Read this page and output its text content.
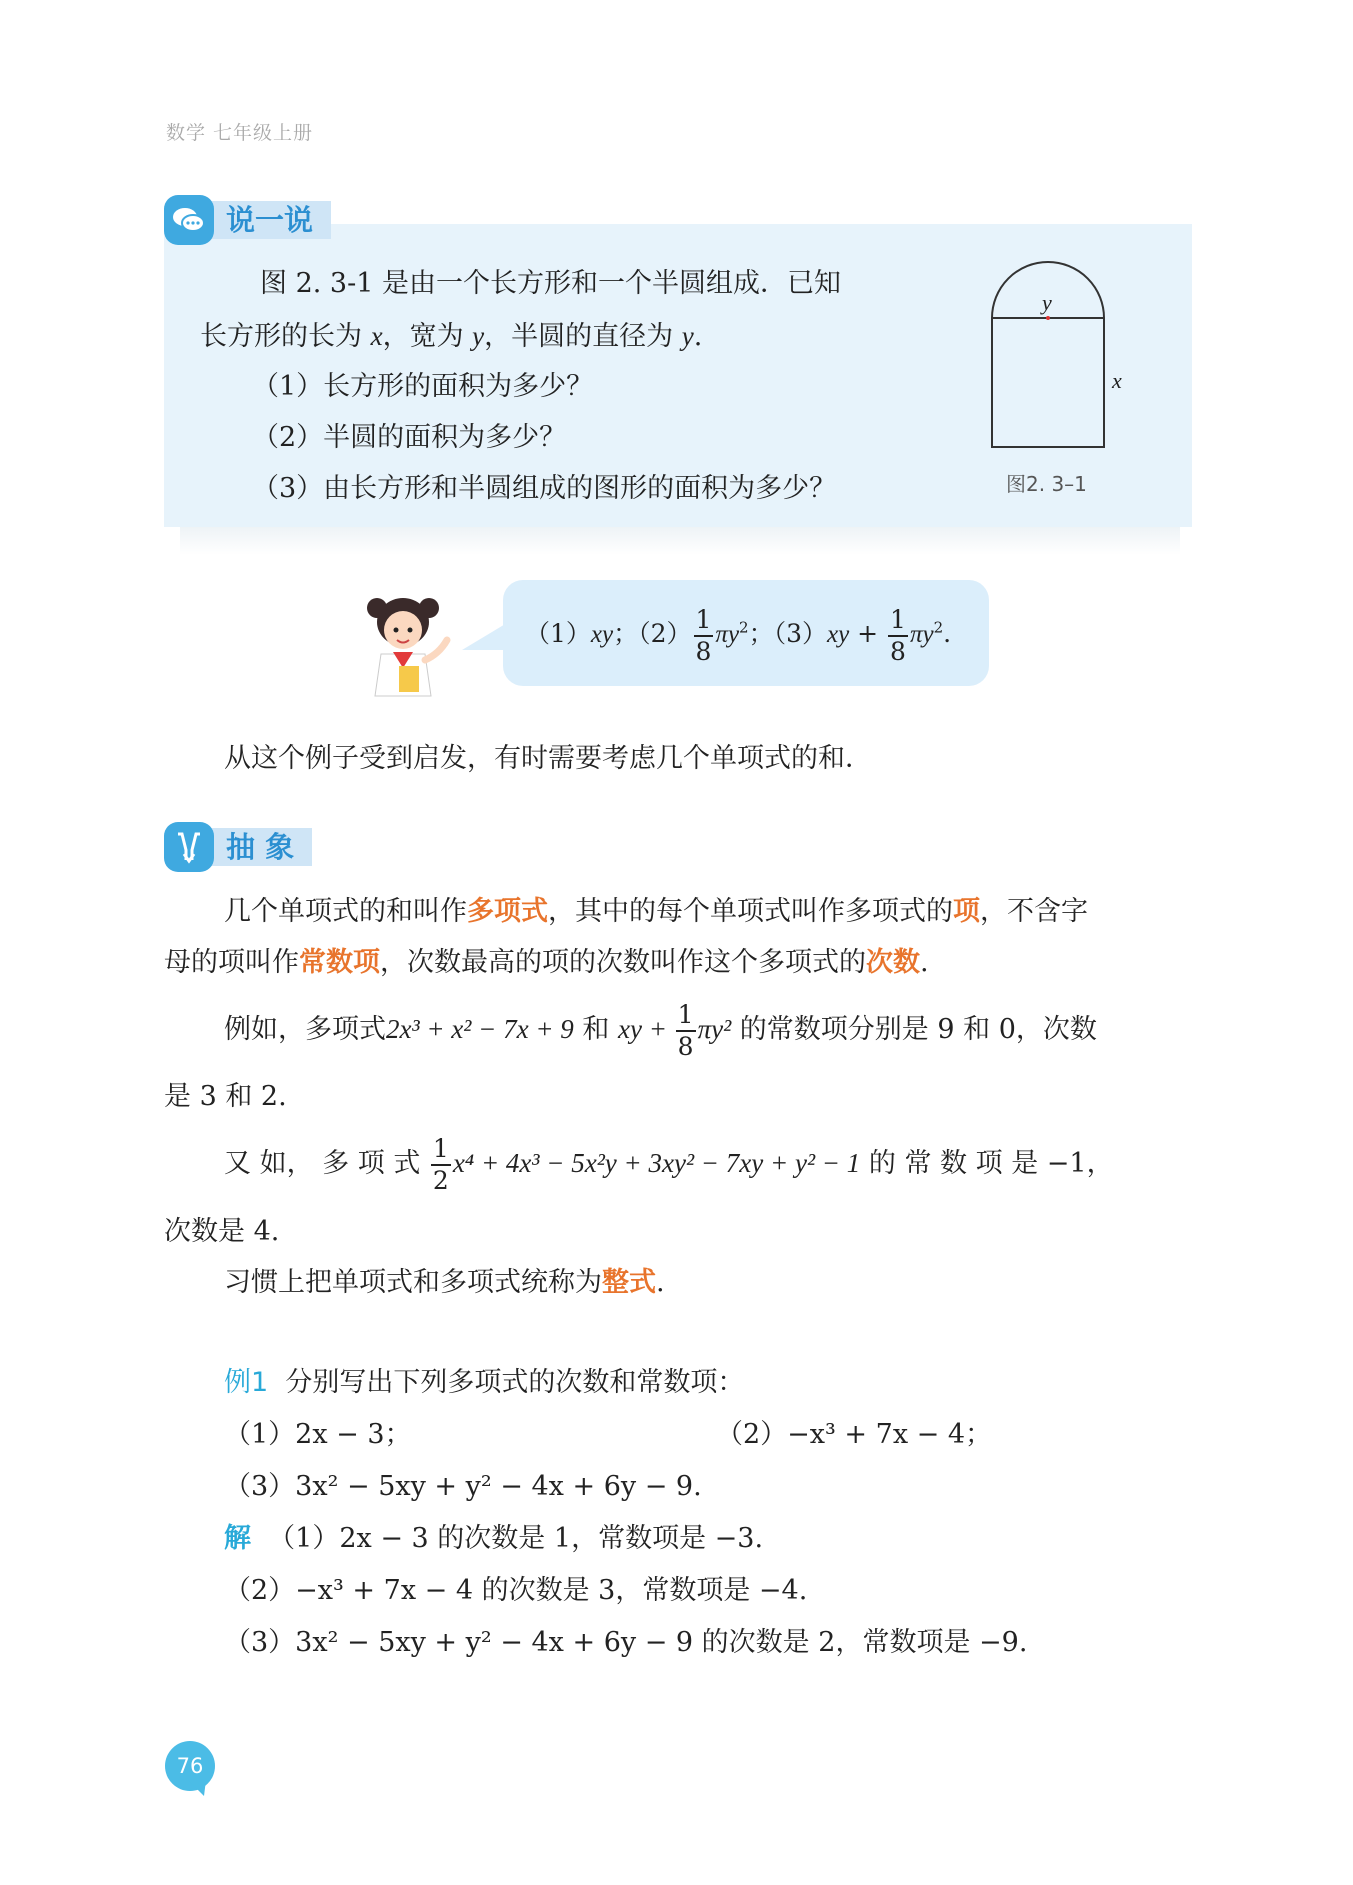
数学 七年级上册
说一说
图 2. 3-1 是由一个长方形和一个半圆组成．已知
长方形的长为 x，宽为 y，半圆的直径为 y.
（1）长方形的面积为多少？
（2）半圆的面积为多少？
（3）由长方形和半圆组成的图形的面积为多少？
y
x
图2. 3–1
（1）xy；$(2) \frac{1}{8} \pi y^2$；$(3)xy + \frac{1}{8} \pi y^2$.
从这个例子受到启发，有时需要考虑几个单项式的和．
抽 象
几个单项式的和叫作多项式，其中的每个单项式叫作多项式的项，不含字
母的项叫作常数项，次数最高的项的次数叫作这个多项式的次数.
例如，多项式2x³ + x² − 7x + 9 和 xy + $\frac{1}{8} \pi y^2$ 的常数项分别是 9 和 0，次数
是 3 和 2.
又 如， 多 项 式 $\frac{1}{2} x^4 + 4x^3 - 5x^2y + 3xy^2 - 7xy + y^2 - 1$ 的 常 数 项 是 −1，
次数是 4.
习惯上把单项式和多项式统称为整式.
例1 分别写出下列多项式的次数和常数项：
（1）2x − 3；	（2）−x³ + 7x − 4；
（3）3x² − 5xy + y² − 4x + 6y − 9.
解 （1）2x − 3 的次数是 1，常数项是 −3.
（2）−x³ + 7x − 4 的次数是 3，常数项是 −4.
（3）3x² − 5xy + y² − 4x + 6y − 9 的次数是 2，常数项是 −9.
76
